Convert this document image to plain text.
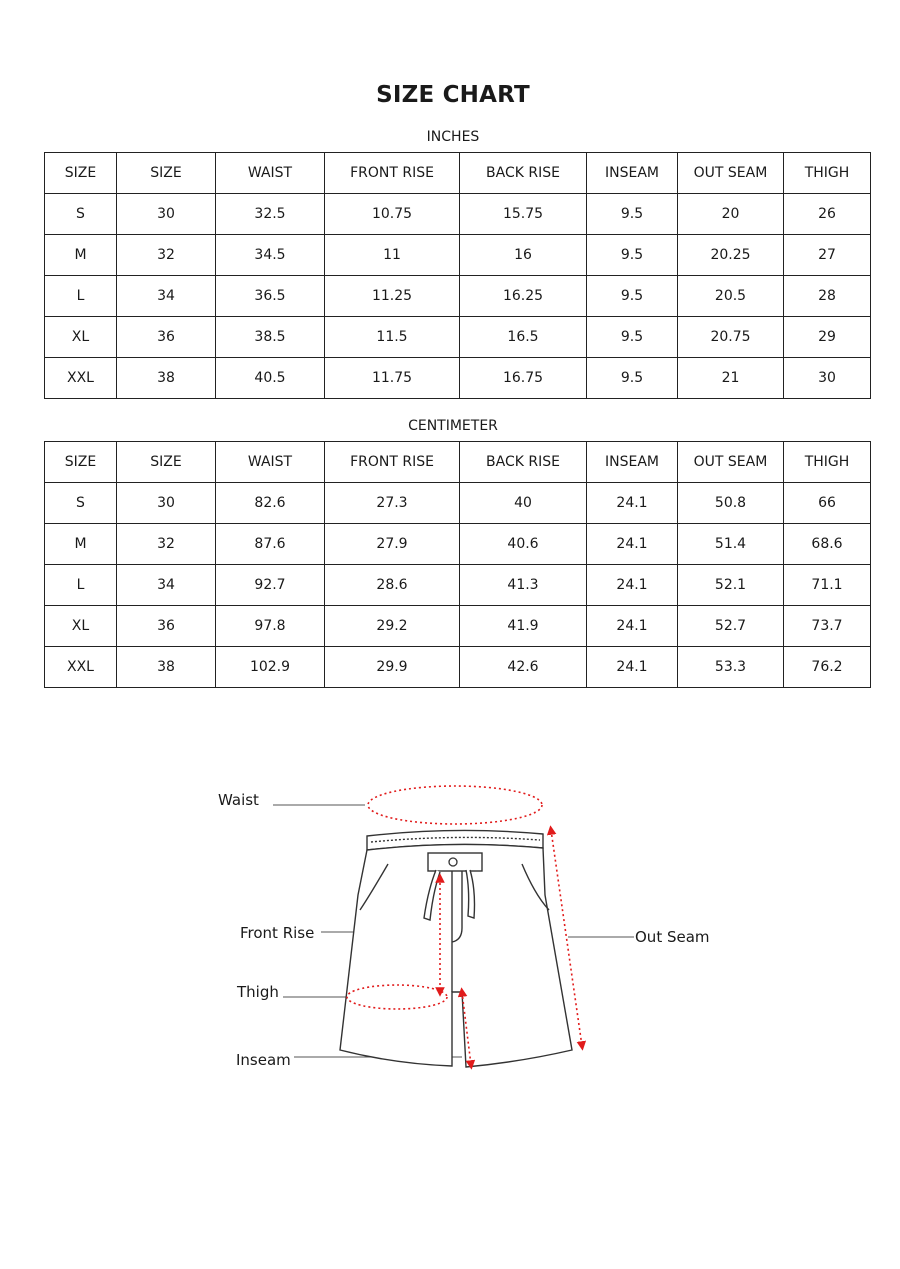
SIZE CHART
INCHES
SIZE	SIZE	WAIST	FRONT RISE	BACK RISE	INSEAM	OUT SEAM	THIGH
S	30	32.5	10.75	15.75	9.5	20	26
M	32	34.5	11	16	9.5	20.25	27
L	34	36.5	11.25	16.25	9.5	20.5	28
XL	36	38.5	11.5	16.5	9.5	20.75	29
XXL	38	40.5	11.75	16.75	9.5	21	30
CENTIMETER
SIZE	SIZE	WAIST	FRONT RISE	BACK RISE	INSEAM	OUT SEAM	THIGH
S	30	82.6	27.3	40	24.1	50.8	66
M	32	87.6	27.9	40.6	24.1	51.4	68.6
L	34	92.7	28.6	41.3	24.1	52.1	71.1
XL	36	97.8	29.2	41.9	24.1	52.7	73.7
XXL	38	102.9	29.9	42.6	24.1	53.3	76.2
Waist
Front Rise
Thigh
Inseam
Out Seam
